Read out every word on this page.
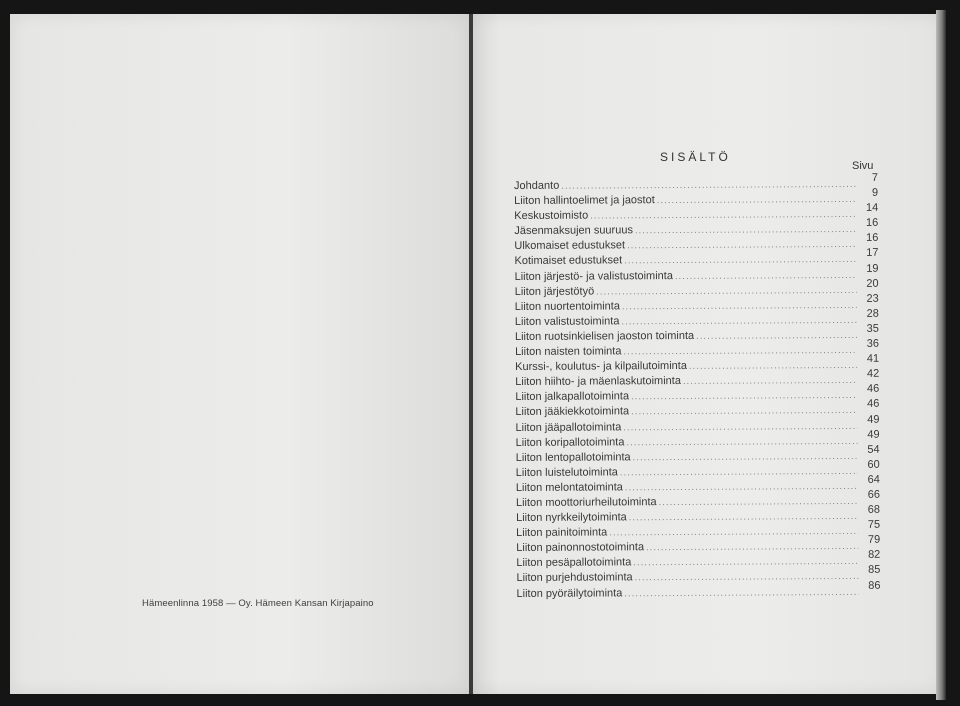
Hämeenlinna 1958 — Oy. Hämeen Kansan Kirjapaino
SISÄLTÖ
Sivu
Johdanto
.....
7
Liiton hallintoelimet ja jaostot
.....
9
Keskustoimisto
.....
14
Jäsenmaksujen suuruus
.....
16
Ulkomaiset edustukset
.....
16
Kotimaiset edustukset
.....
17
Liiton järjestö- ja valistustoiminta
.....
19
Liiton järjestötyö
.....
20
Liiton nuortentoiminta
.....
23
Liiton valistustoiminta
.....
28
Liiton ruotsinkielisen jaoston toiminta
.....
35
Liiton naisten toiminta
.....
36
Kurssi-, koulutus- ja kilpailutoiminta
.....
41
Liiton hiihto- ja mäenlaskutoiminta
.....
42
Liiton jalkapallotoiminta
.....
46
Liiton jääkiekkotoiminta
.....
46
Liiton jääpallotoiminta
.....
49
Liiton koripallotoiminta
.....
49
Liiton lentopallotoiminta
.....
54
Liiton luistelutoiminta
.....
60
Liiton melontatoiminta
.....
64
Liiton moottoriurheilutoiminta
.....
66
Liiton nyrkkeilytoiminta
.....
68
Liiton painitoiminta
.....
75
Liiton painonnostotoiminta
.....
79
Liiton pesäpallotoiminta
.....
82
Liiton purjehdustoiminta
.....
85
Liiton pyöräilytoiminta
.....
86
